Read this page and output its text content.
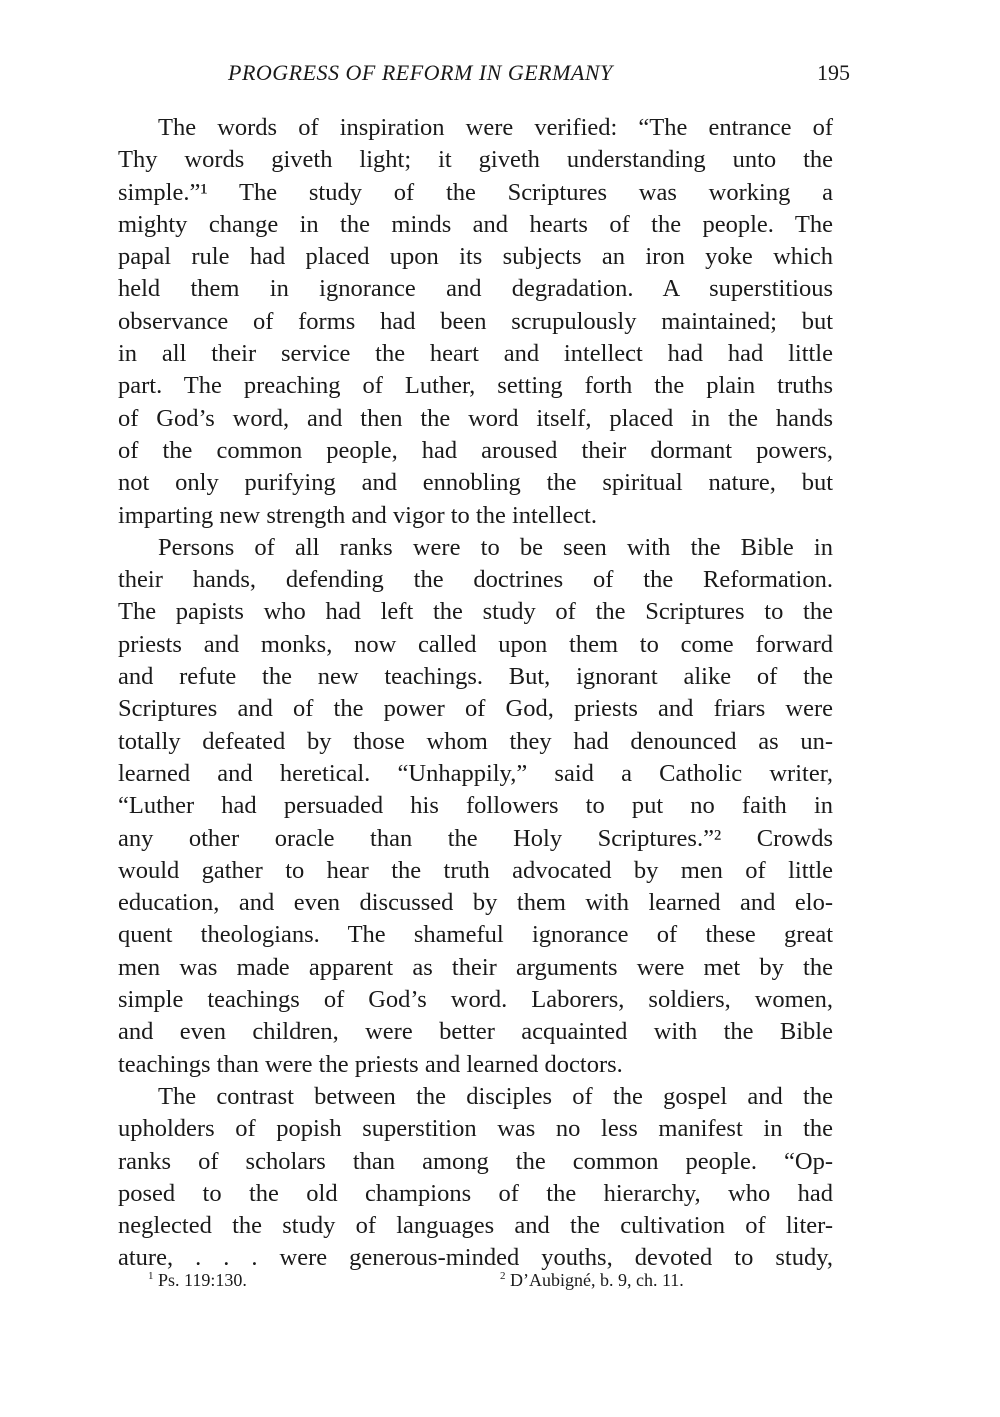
PROGRESS OF REFORM IN GERMANY	195
The words of inspiration were verified: “The entrance of
Thy words giveth light; it giveth understanding unto the
simple.”¹ The study of the Scriptures was working a
mighty change in the minds and hearts of the people. The
papal rule had placed upon its subjects an iron yoke which
held them in ignorance and degradation. A superstitious
observance of forms had been scrupulously maintained; but
in all their service the heart and intellect had had little
part. The preaching of Luther, setting forth the plain truths
of God’s word, and then the word itself, placed in the hands
of the common people, had aroused their dormant powers,
not only purifying and ennobling the spiritual nature, but
imparting new strength and vigor to the intellect.
Persons of all ranks were to be seen with the Bible in
their hands, defending the doctrines of the Reformation.
The papists who had left the study of the Scriptures to the
priests and monks, now called upon them to come forward
and refute the new teachings. But, ignorant alike of the
Scriptures and of the power of God, priests and friars were
totally defeated by those whom they had denounced as un-
learned and heretical. “Unhappily,” said a Catholic writer,
“Luther had persuaded his followers to put no faith in
any other oracle than the Holy Scriptures.”² Crowds
would gather to hear the truth advocated by men of little
education, and even discussed by them with learned and elo-
quent theologians. The shameful ignorance of these great
men was made apparent as their arguments were met by the
simple teachings of God’s word. Laborers, soldiers, women,
and even children, were better acquainted with the Bible
teachings than were the priests and learned doctors.
The contrast between the disciples of the gospel and the
upholders of popish superstition was no less manifest in the
ranks of scholars than among the common people. “Op-
posed to the old champions of the hierarchy, who had
neglected the study of languages and the cultivation of liter-
ature, . . . were generous-minded youths, devoted to study,
$^1$ Ps. 119:130.	$^2$ D’Aubigné, b. 9, ch. 11.
